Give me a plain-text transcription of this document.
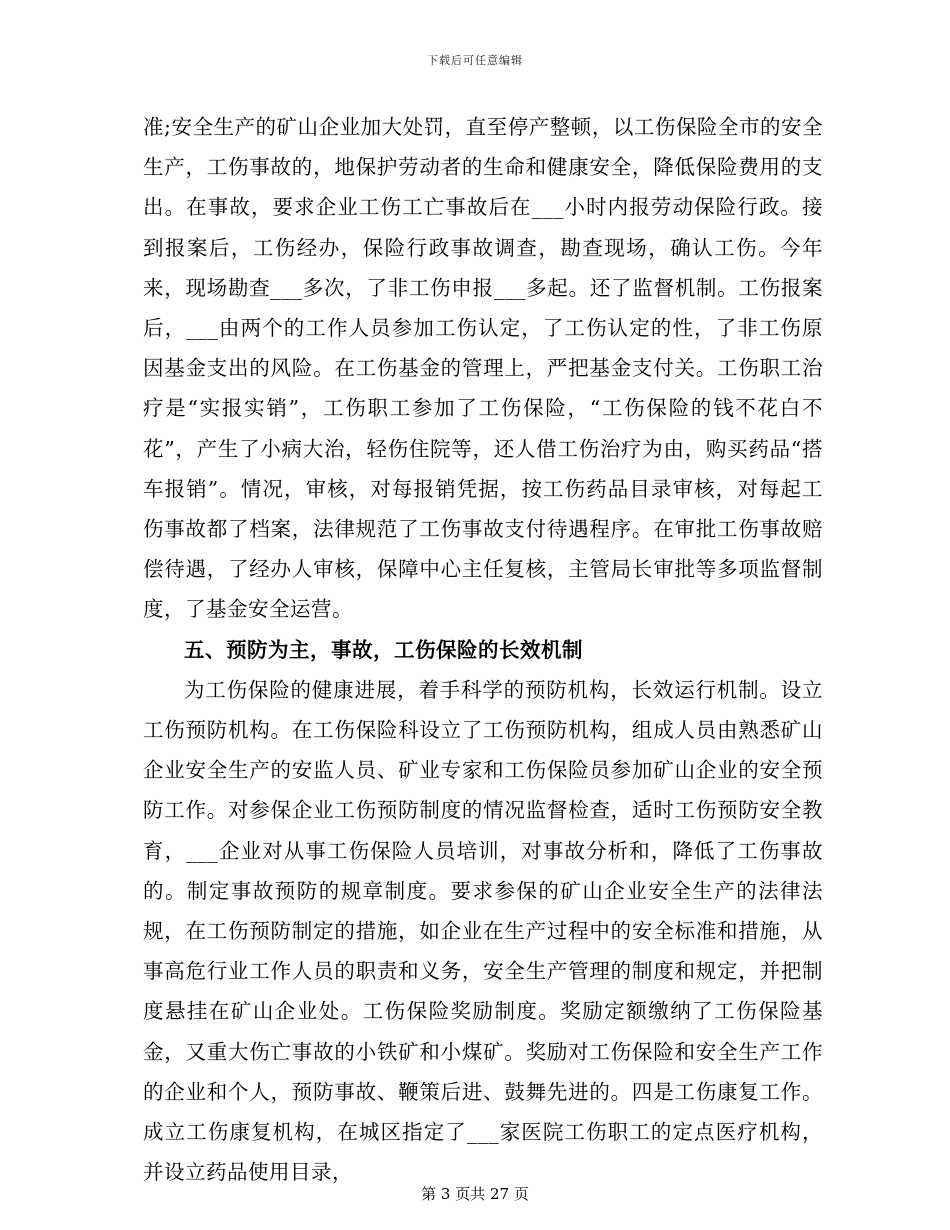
下载后可任意编辑

准;安全生产的矿山企业加大处罚，直至停产整顿，以工伤保险全市的安全生产，工伤事故的，地保护劳动者的生命和健康安全，降低保险费用的支出。在事故，要求企业工伤工亡事故后在___小时内报劳动保险行政。接到报案后，工伤经办，保险行政事故调查，勘查现场，确认工伤。今年来，现场勘查___多次，了非工伤申报___多起。还了监督机制。工伤报案后，___由两个的工作人员参加工伤认定，了工伤认定的性，了非工伤原因基金支出的风险。在工伤基金的管理上，严把基金支付关。工伤职工治疗是“实报实销”，工伤职工参加了工伤保险，“工伤保险的钱不花白不花”，产生了小病大治，轻伤住院等，还人借工伤治疗为由，购买药品“搭车报销”。情况，审核，对每报销凭据，按工伤药品目录审核，对每起工伤事故都了档案，法律规范了工伤事故支付待遇程序。在审批工伤事故赔偿待遇，了经办人审核，保障中心主任复核，主管局长审批等多项监督制度，了基金安全运营。

五、预防为主，事故，工伤保险的长效机制

为工伤保险的健康进展，着手科学的预防机构，长效运行机制。设立工伤预防机构。在工伤保险科设立了工伤预防机构，组成人员由熟悉矿山企业安全生产的安监人员、矿业专家和工伤保险员参加矿山企业的安全预防工作。对参保企业工伤预防制度的情况监督检查，适时工伤预防安全教育，___企业对从事工伤保险人员培训，对事故分析和，降低了工伤事故的。制定事故预防的规章制度。要求参保的矿山企业安全生产的法律法规，在工伤预防制定的措施，如企业在生产过程中的安全标准和措施，从事高危行业工作人员的职责和义务，安全生产管理的制度和规定，并把制度悬挂在矿山企业处。工伤保险奖励制度。奖励定额缴纳了工伤保险基金，又重大伤亡事故的小铁矿和小煤矿。奖励对工伤保险和安全生产工作的企业和个人，预防事故、鞭策后进、鼓舞先进的。四是工伤康复工作。成立工伤康复机构，在城区指定了___家医院工伤职工的定点医疗机构，并设立药品使用目录，

第 3 页共 27 页
